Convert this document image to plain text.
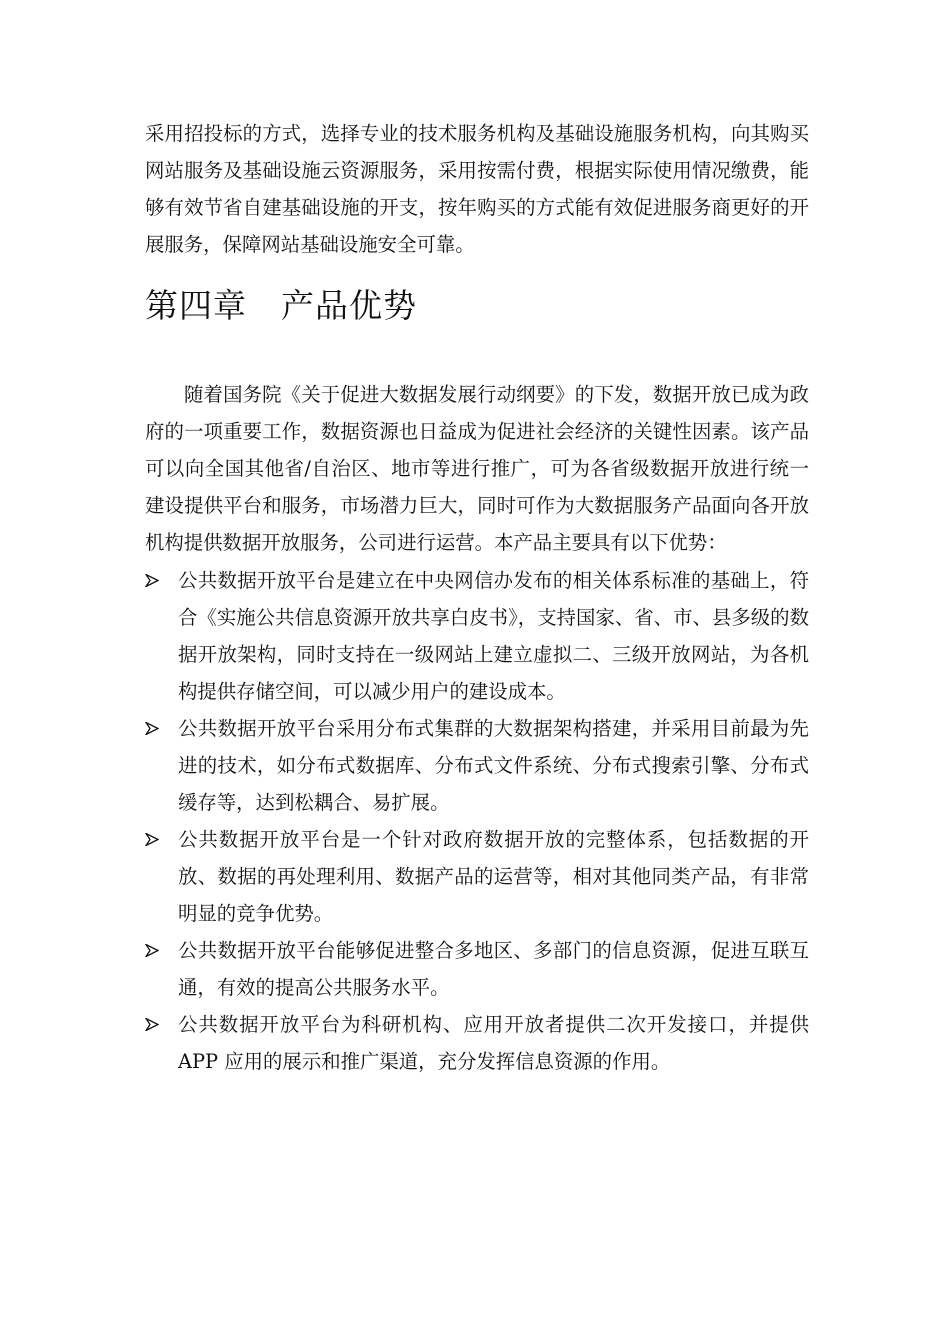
采用招投标的方式，选择专业的技术服务机构及基础设施服务机构，向其购买网站服务及基础设施云资源服务，采用按需付费，根据实际使用情况缴费，能够有效节省自建基础设施的开支，按年购买的方式能有效促进服务商更好的开展服务，保障网站基础设施安全可靠。

第四章 产品优势

随着国务院《关于促进大数据发展行动纲要》的下发，数据开放已成为政府的一项重要工作，数据资源也日益成为促进社会经济的关键性因素。该产品可以向全国其他省/自治区、地市等进行推广，可为各省级数据开放进行统一建设提供平台和服务，市场潜力巨大，同时可作为大数据服务产品面向各开放机构提供数据开放服务，公司进行运营。本产品主要具有以下优势：

公共数据开放平台是建立在中央网信办发布的相关体系标准的基础上，符合《实施公共信息资源开放共享白皮书》，支持国家、省、市、县多级的数据开放架构，同时支持在一级网站上建立虚拟二、三级开放网站，为各机构提供存储空间，可以减少用户的建设成本。
公共数据开放平台采用分布式集群的大数据架构搭建，并采用目前最为先进的技术，如分布式数据库、分布式文件系统、分布式搜索引擎、分布式缓存等，达到松耦合、易扩展。
公共数据开放平台是一个针对政府数据开放的完整体系，包括数据的开放、数据的再处理利用、数据产品的运营等，相对其他同类产品，有非常明显的竞争优势。
公共数据开放平台能够促进整合多地区、多部门的信息资源，促进互联互通，有效的提高公共服务水平。
公共数据开放平台为科研机构、应用开放者提供二次开发接口，并提供 APP 应用的展示和推广渠道，充分发挥信息资源的作用。
